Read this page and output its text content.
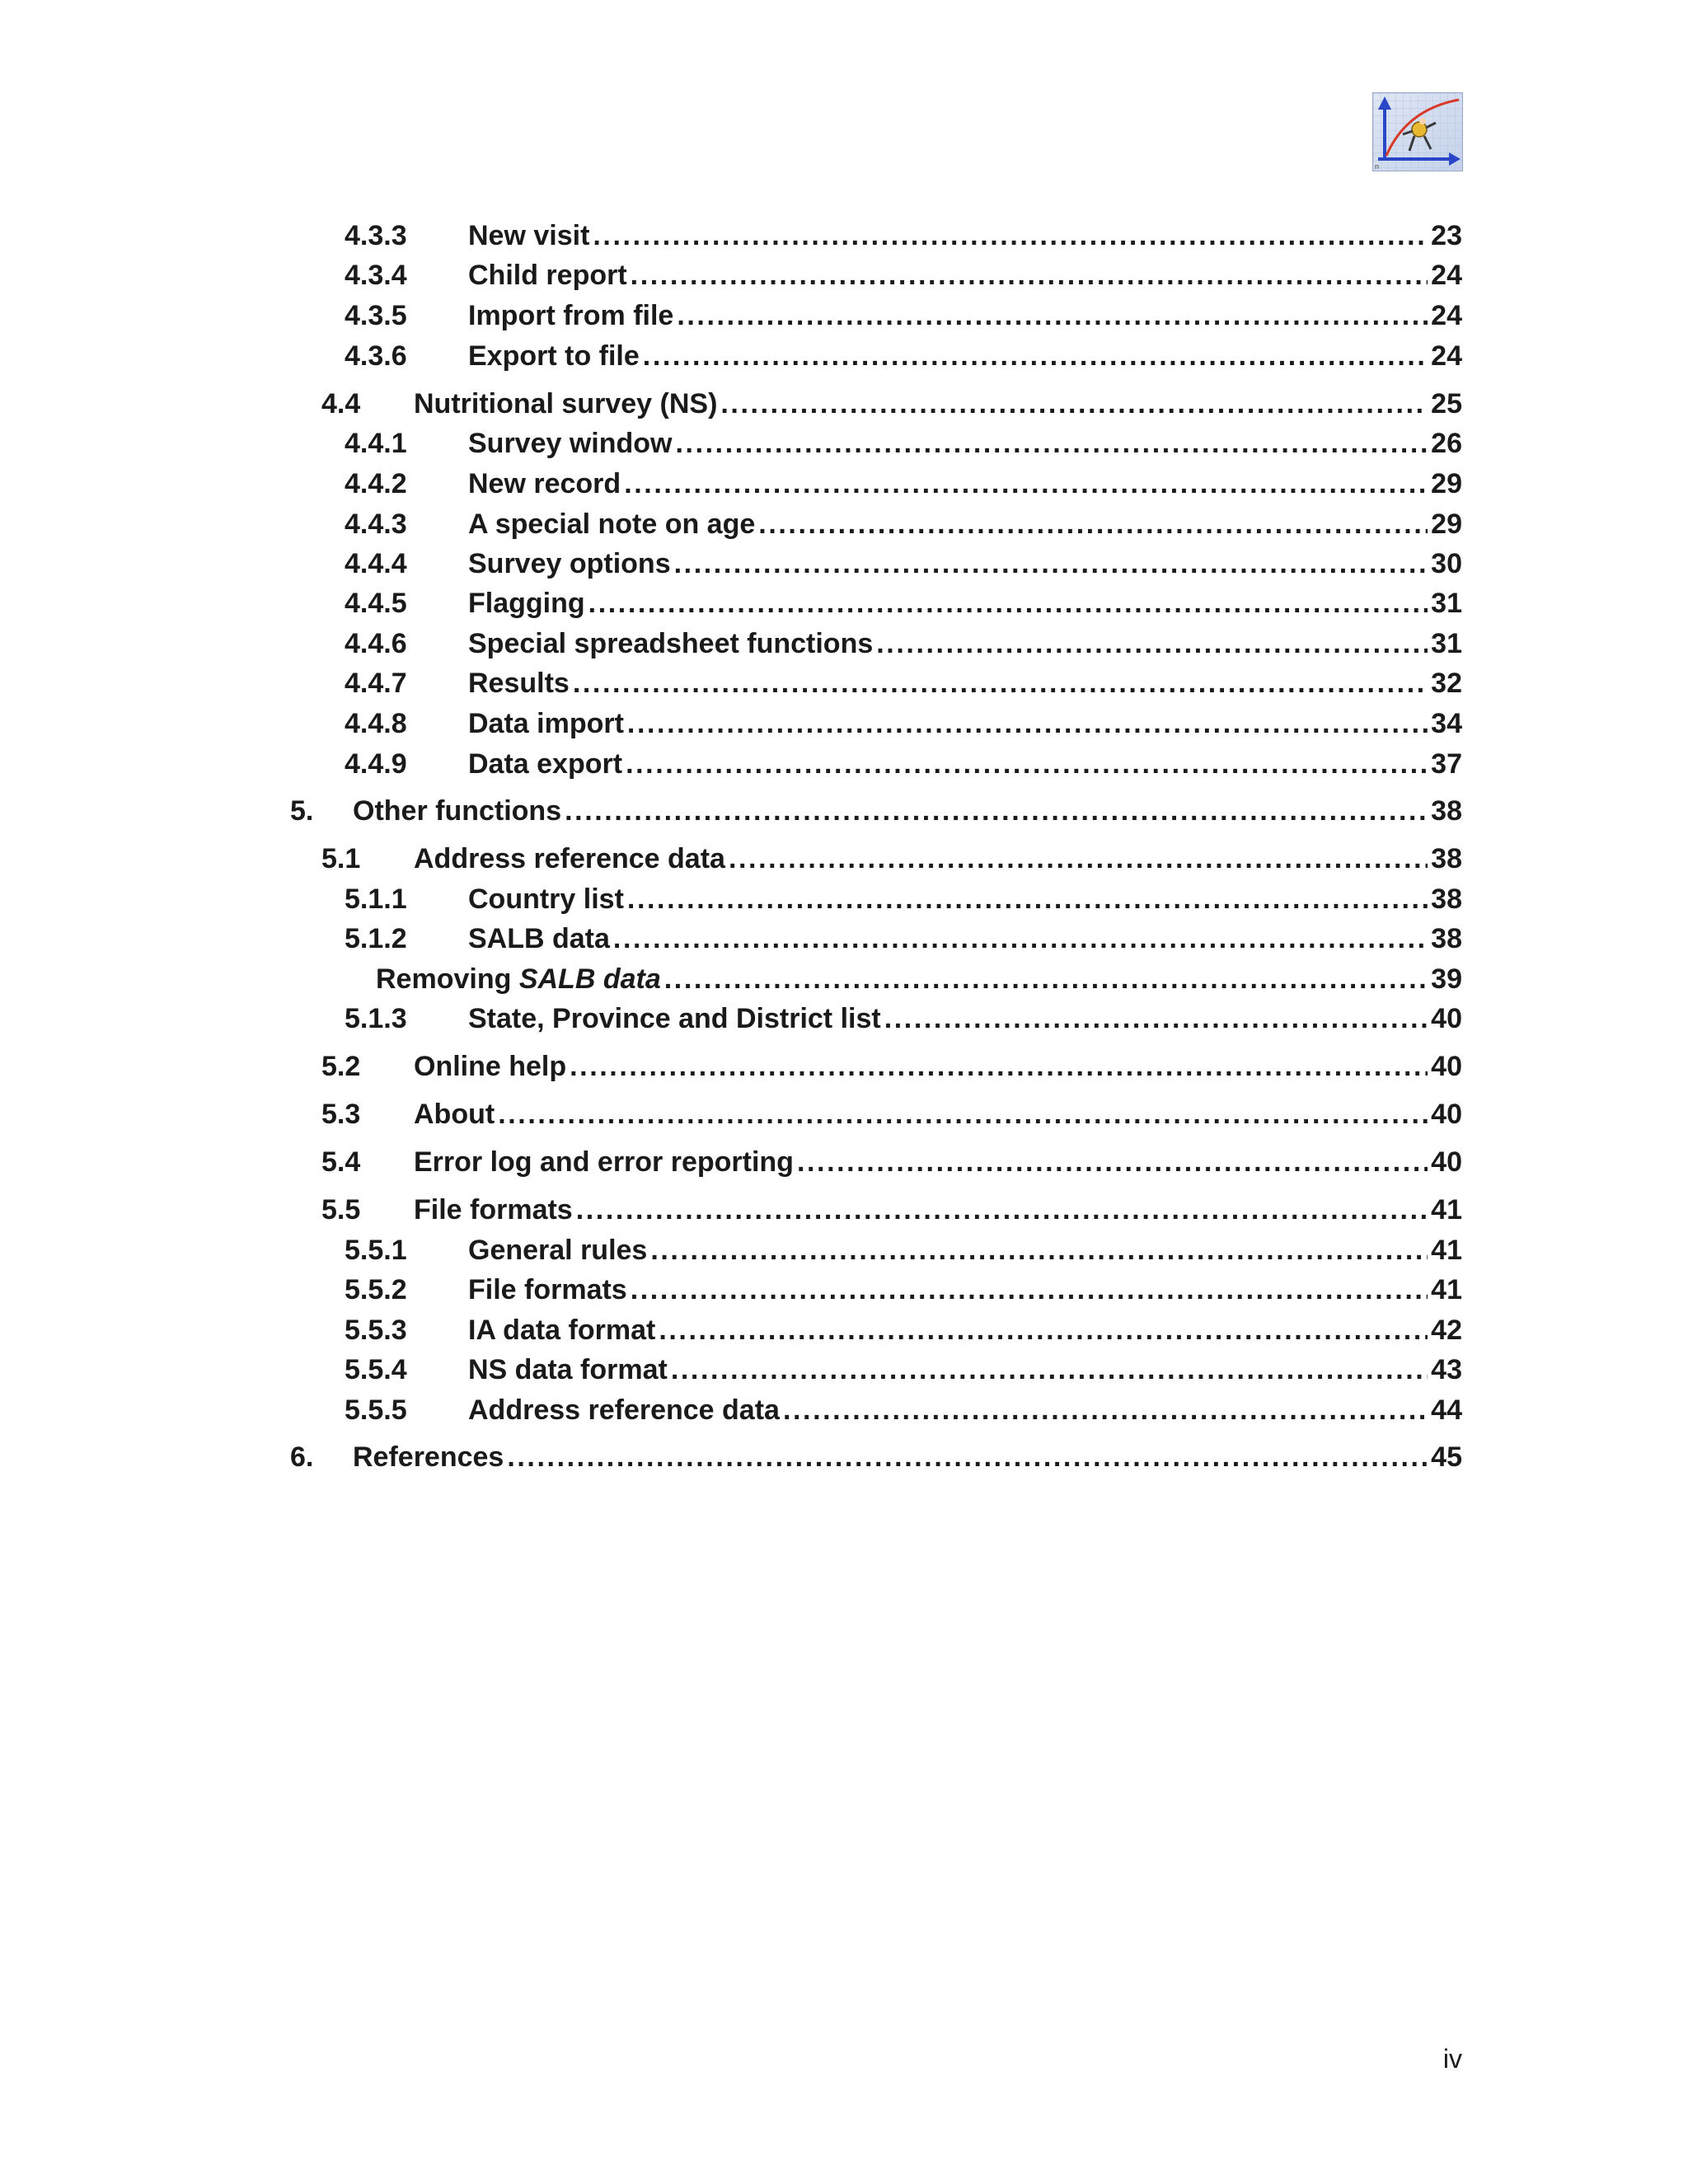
n
4.3.3 New visit .....	23
4.3.4 Child report .....	24
4.3.5 Import from file .....	24
4.3.6 Export to file .....	24
4.4 Nutritional survey (NS) .....	25
4.4.1 Survey window .....	26
4.4.2 New record .....	29
4.4.3 A special note on age .....	29
4.4.4 Survey options .....	30
4.4.5 Flagging .....	31
4.4.6 Special spreadsheet functions .....	31
4.4.7 Results .....	32
4.4.8 Data import .....	34
4.4.9 Data export .....	37
5. Other functions .....	38
5.1 Address reference data .....	38
5.1.1 Country list .....	38
5.1.2 SALB data .....	38
Removing SALB data .....	39
5.1.3 State, Province and District list .....	40
5.2 Online help .....	40
5.3 About .....	40
5.4 Error log and error reporting .....	40
5.5 File formats .....	41
5.5.1 General rules .....	41
5.5.2 File formats .....	41
5.5.3 IA data format .....	42
5.5.4 NS data format .....	43
5.5.5 Address reference data .....	44
6. References .....	45
iv
